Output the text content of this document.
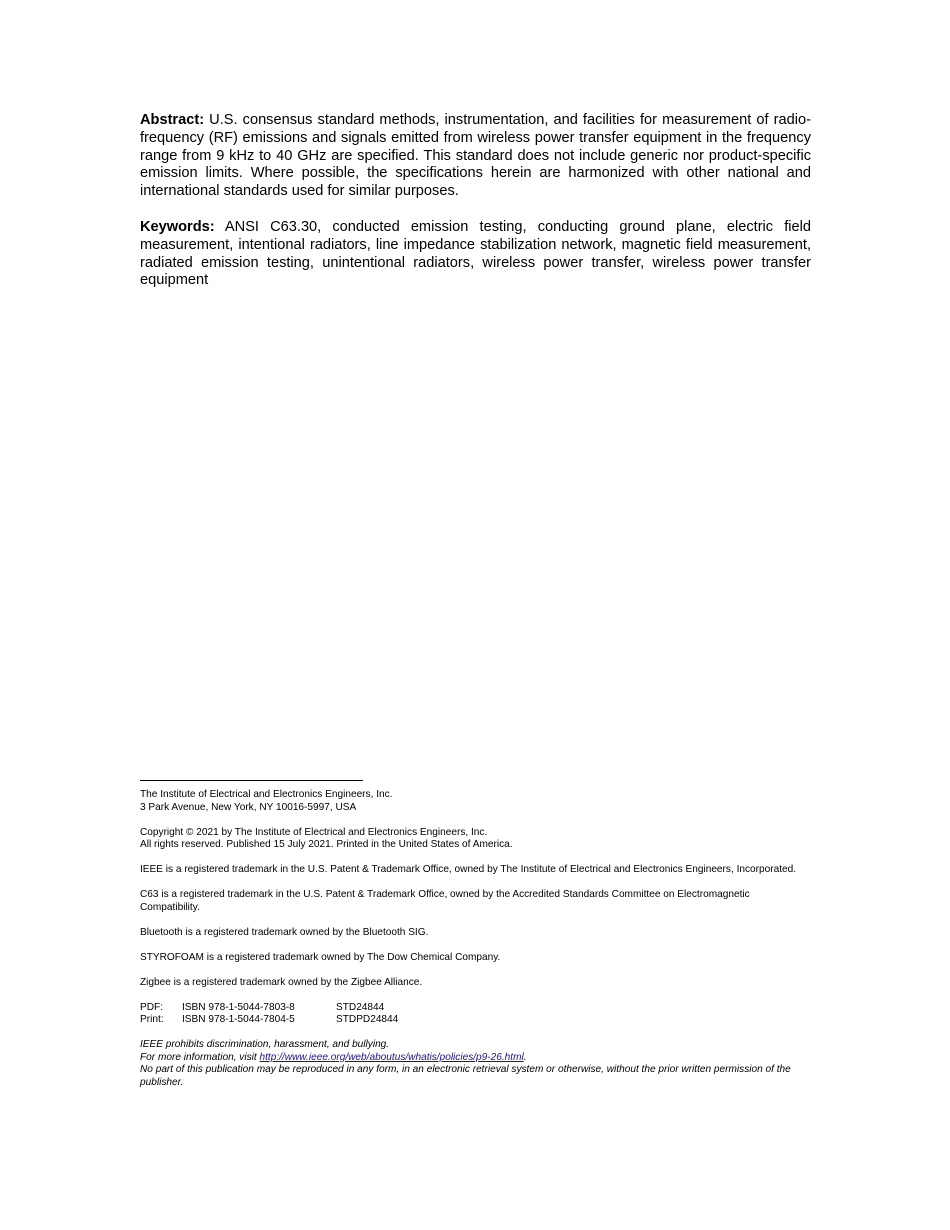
Abstract: U.S. consensus standard methods, instrumentation, and facilities for measurement of radio-frequency (RF) emissions and signals emitted from wireless power transfer equipment in the frequency range from 9 kHz to 40 GHz are specified. This standard does not include generic nor product-specific emission limits. Where possible, the specifications herein are harmonized with other national and international standards used for similar purposes.

Keywords: ANSI C63.30, conducted emission testing, conducting ground plane, electric field measurement, intentional radiators, line impedance stabilization network, magnetic field measurement, radiated emission testing, unintentional radiators, wireless power transfer, wireless power transfer equipment

The Institute of Electrical and Electronics Engineers, Inc.
3 Park Avenue, New York, NY 10016-5997, USA
Copyright © 2021 by The Institute of Electrical and Electronics Engineers, Inc.
All rights reserved. Published 15 July 2021. Printed in the United States of America.
IEEE is a registered trademark in the U.S. Patent & Trademark Office, owned by The Institute of Electrical and Electronics Engineers, Incorporated.
C63 is a registered trademark in the U.S. Patent & Trademark Office, owned by the Accredited Standards Committee on Electromagnetic Compatibility.
Bluetooth is a registered trademark owned by the Bluetooth SIG.
STYROFOAM is a registered trademark owned by The Dow Chemical Company.
Zigbee is a registered trademark owned by the Zigbee Alliance.
PDF:	ISBN 978-1-5044-7803-8	STD24844
Print:	ISBN 978-1-5044-7804-5	STDPD24844
IEEE prohibits discrimination, harassment, and bullying.
For more information, visit http://www.ieee.org/web/aboutus/whatis/policies/p9-26.html.
No part of this publication may be reproduced in any form, in an electronic retrieval system or otherwise, without the prior written permission of the publisher.
